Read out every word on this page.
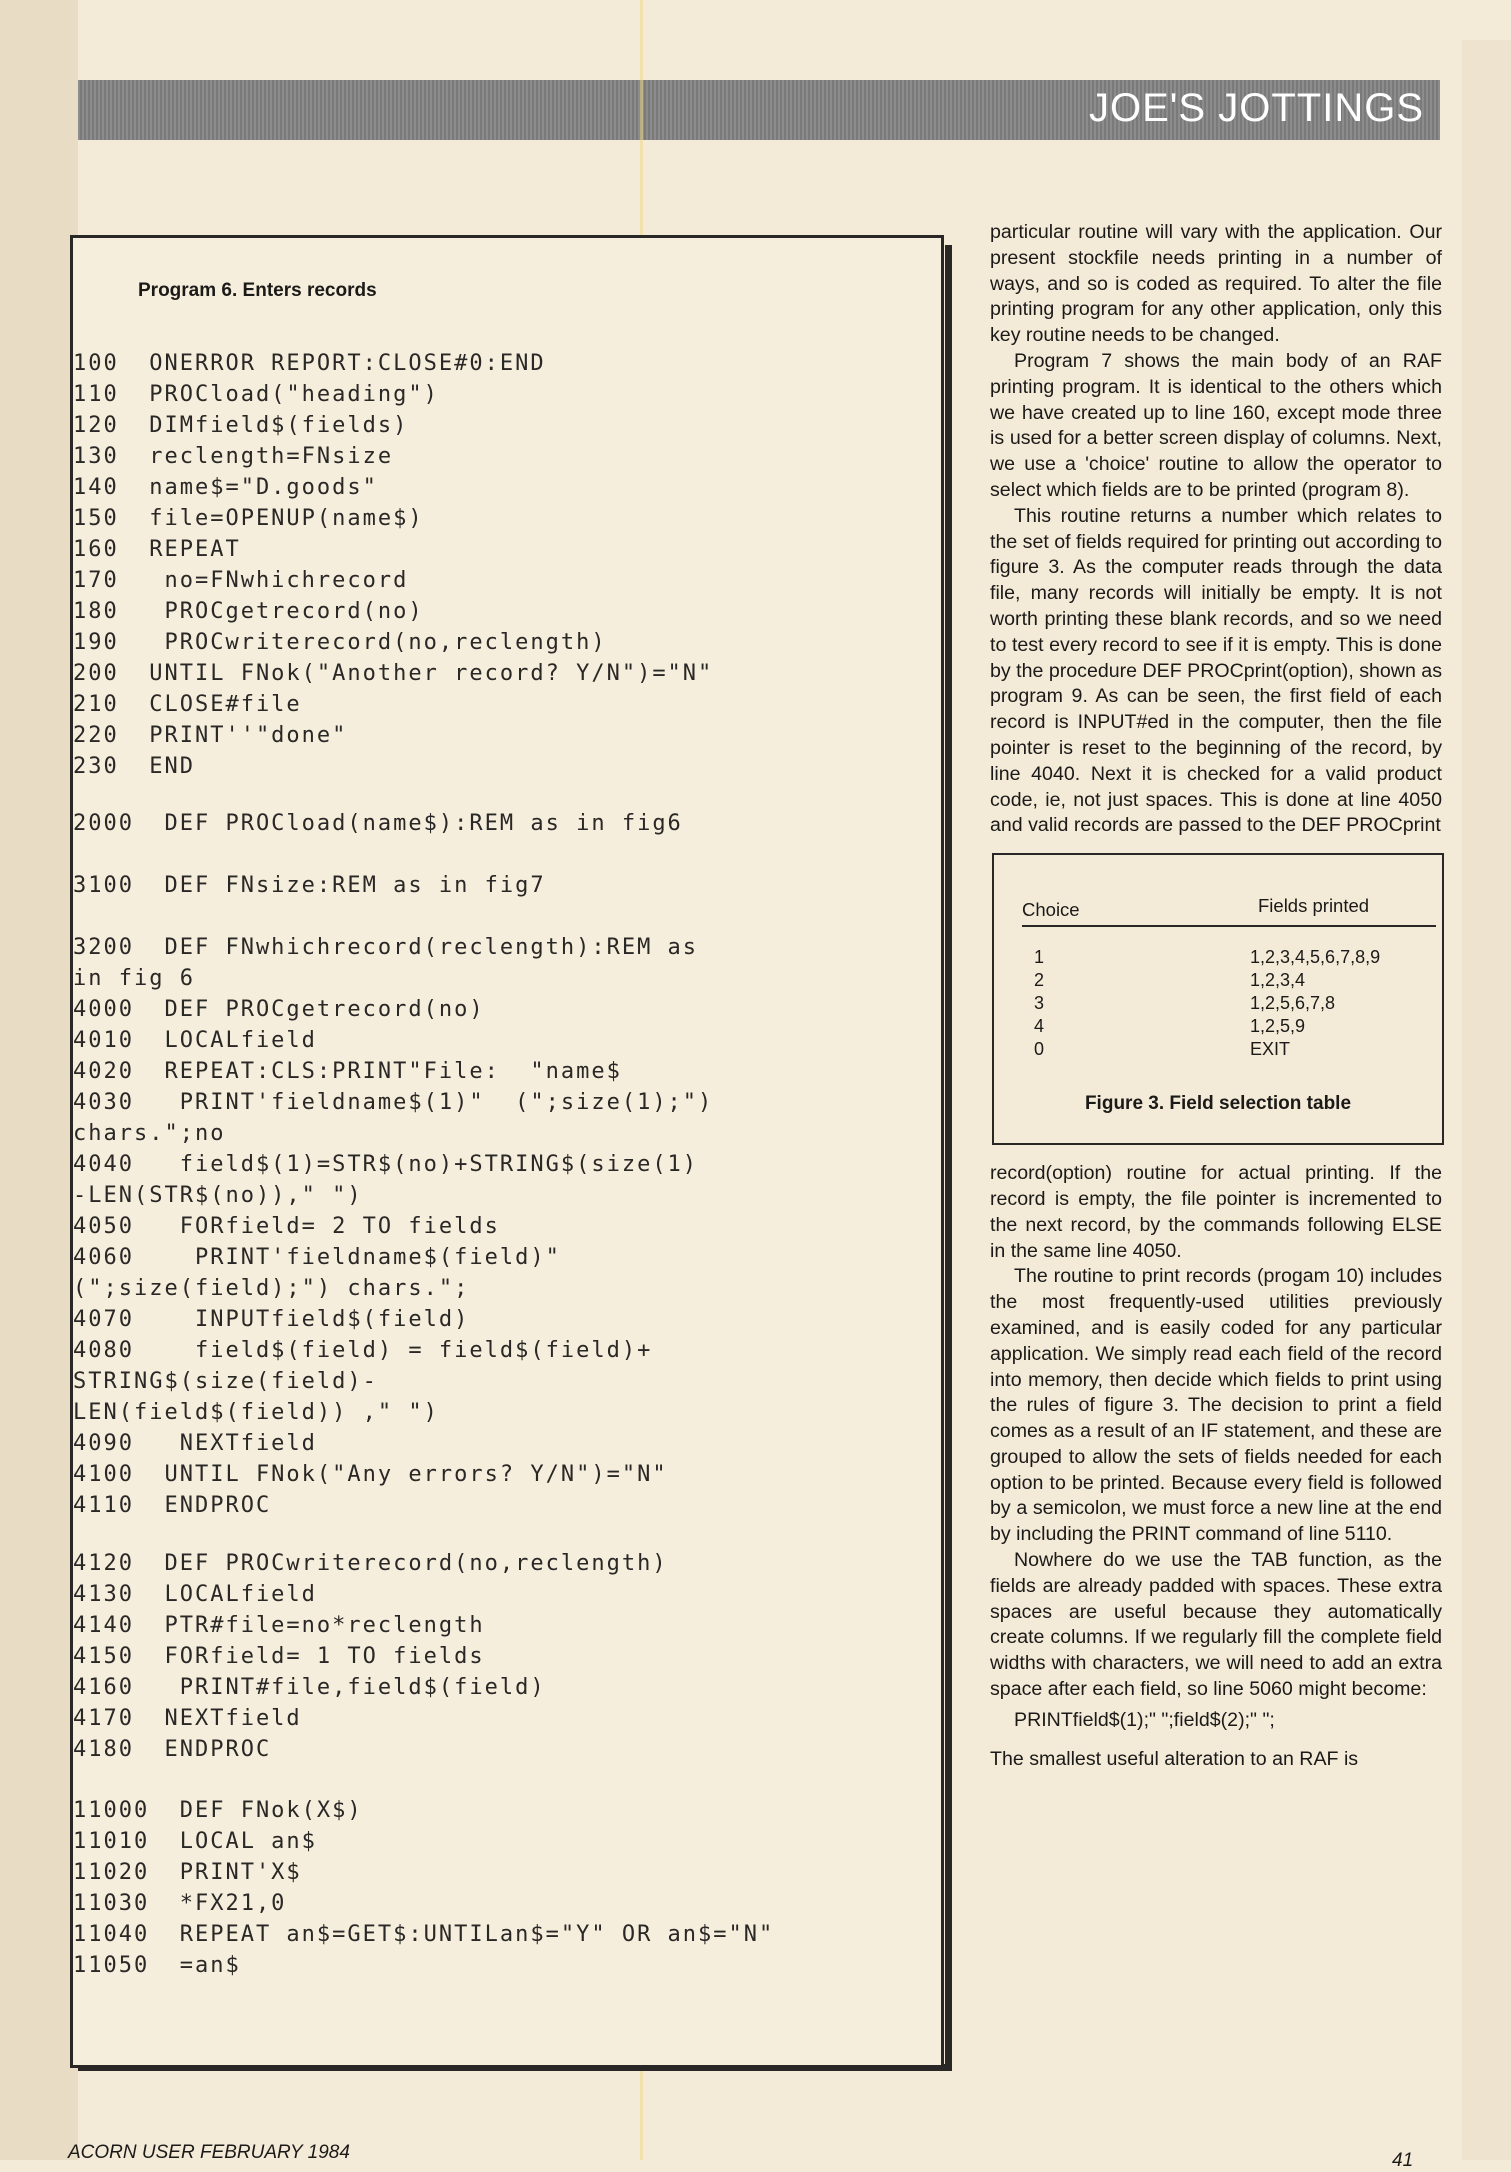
JOE'S JOTTINGS
Program 6. Enters records
100  ONERROR REPORT:CLOSE#0:END
110  PROCload("heading")
120  DIMfield$(fields)
130  reclength=FNsize
140  name$="D.goods"
150  file=OPENUP(name$)
160  REPEAT
170   no=FNwhichrecord
180   PROCgetrecord(no)
190   PROCwriterecord(no,reclength)
200  UNTIL FNok("Another record? Y/N")="N"
210  CLOSE#file
220  PRINT''"done"
230  END
2000  DEF PROCload(name$):REM as in fig6

3100  DEF FNsize:REM as in fig7

3200  DEF FNwhichrecord(reclength):REM as
in fig 6
4000  DEF PROCgetrecord(no)
4010  LOCALfield
4020  REPEAT:CLS:PRINT"File:  "name$
4030   PRINT'fieldname$(1)"  (";size(1);")
chars.";no
4040   field$(1)=STR$(no)+STRING$(size(1)
-LEN(STR$(no))," ")
4050   FORfield= 2 TO fields
4060    PRINT'fieldname$(field)"
(";size(field);") chars.";
4070    INPUTfield$(field)
4080    field$(field) = field$(field)+
STRING$(size(field)-
LEN(field$(field)) ," ")
4090   NEXTfield
4100  UNTIL FNok("Any errors? Y/N")="N"
4110  ENDPROC
4120  DEF PROCwriterecord(no,reclength)
4130  LOCALfield
4140  PTR#file=no*reclength
4150  FORfield= 1 TO fields
4160   PRINT#file,field$(field)
4170  NEXTfield
4180  ENDPROC
11000  DEF FNok(X$)
11010  LOCAL an$
11020  PRINT'X$
11030  *FX21,0
11040  REPEAT an$=GET$:UNTILan$="Y" OR an$="N"
11050  =an$

particular routine will vary with the application. Our present stockfile needs printing in a number of ways, and so is coded as required. To alter the file printing program for any other application, only this key routine needs to be changed.

Program 7 shows the main body of an RAF printing program. It is identical to the others which we have created up to line 160, except mode three is used for a better screen display of columns. Next, we use a 'choice' routine to allow the operator to select which fields are to be printed (program 8).

This routine returns a number which relates to the set of fields required for printing out according to figure 3. As the computer reads through the data file, many records will initially be empty. It is not worth printing these blank records, and so we need to test every record to see if it is empty. This is done by the procedure DEF PROCprint(option), shown as program 9. As can be seen, the first field of each record is INPUT#ed in the computer, then the file pointer is reset to the beginning of the record, by line 4040. Next it is checked for a valid product code, ie, not just spaces. This is done at line 4050 and valid records are passed to the DEF PROCprint

Choice	Fields printed
1	1,2,3,4,5,6,7,8,9
2	1,2,3,4
3	1,2,5,6,7,8
4	1,2,5,9
0	EXIT
Figure 3. Field selection table

record(option) routine for actual printing. If the record is empty, the file pointer is incremented to the next record, by the commands following ELSE in the same line 4050.

The routine to print records (progam 10) includes the most frequently-used utilities previously examined, and is easily coded for any particular application. We simply read each field of the record into memory, then decide which fields to print using the rules of figure 3. The decision to print a field comes as a result of an IF statement, and these are grouped to allow the sets of fields needed for each option to be printed. Because every field is followed by a semicolon, we must force a new line at the end by including the PRINT command of line 5110.

Nowhere do we use the TAB function, as the fields are already padded with spaces. These extra spaces are useful because they automatically create columns. If we regularly fill the complete field widths with characters, we will need to add an extra space after each field, so line 5060 might become:

PRINTfield$(1);" ";field$(2);" ";

The smallest useful alteration to an RAF is

ACORN USER FEBRUARY 1984	41
